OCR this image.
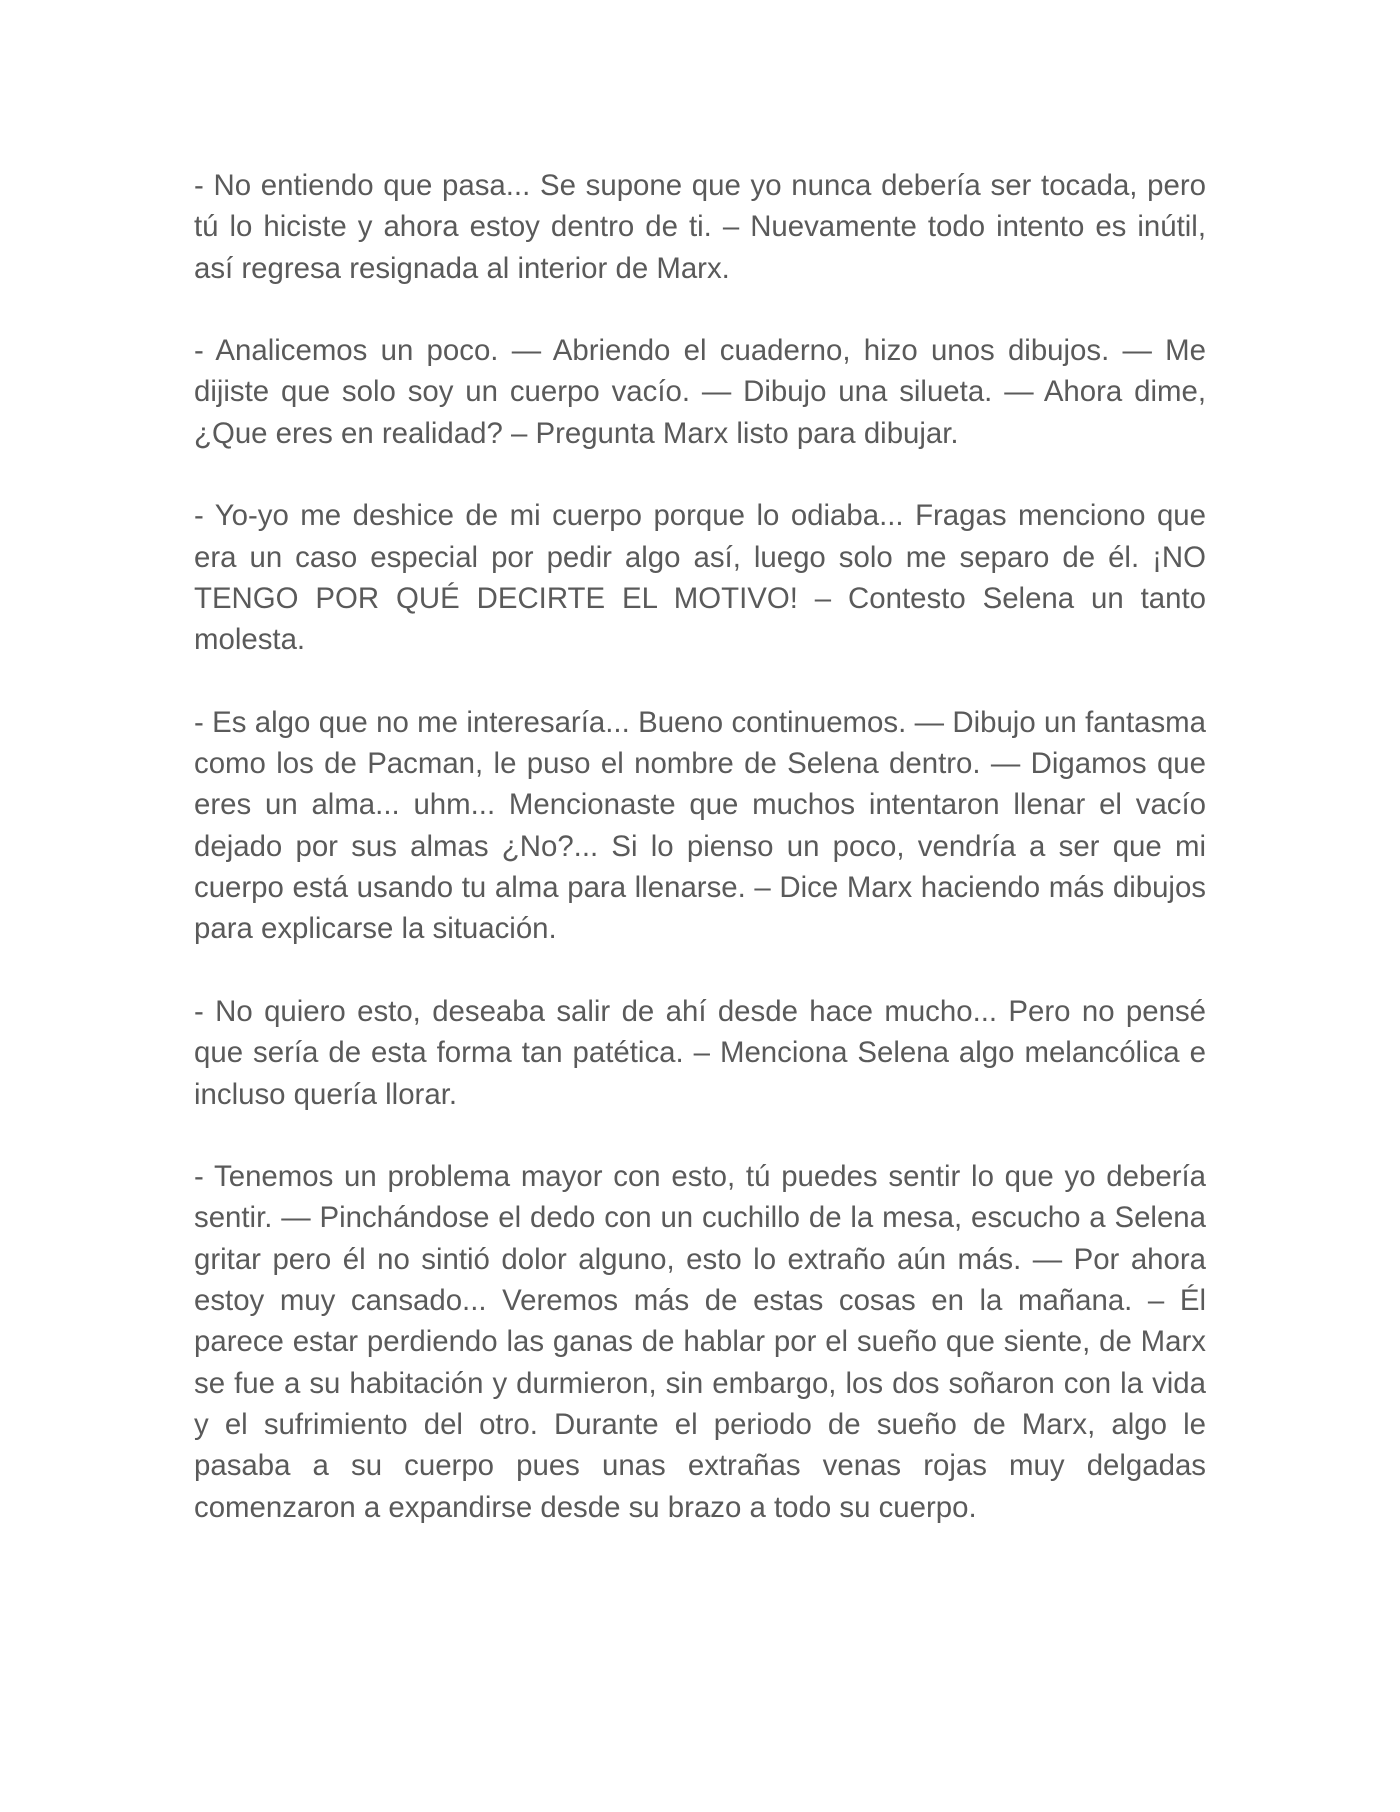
- No entiendo que pasa... Se supone que yo nunca debería ser tocada, pero tú lo hiciste y ahora estoy dentro de ti. – Nuevamente todo intento es inútil, así regresa resignada al interior de Marx.

- Analicemos un poco. — Abriendo el cuaderno, hizo unos dibujos. — Me dijiste que solo soy un cuerpo vacío. — Dibujo una silueta. — Ahora dime, ¿Que eres en realidad? – Pregunta Marx listo para dibujar.

- Yo-yo me deshice de mi cuerpo porque lo odiaba... Fragas menciono que era un caso especial por pedir algo así, luego solo me separo de él. ¡NO TENGO POR QUÉ DECIRTE EL MOTIVO! – Contesto Selena un tanto molesta.

- Es algo que no me interesaría... Bueno continuemos. — Dibujo un fantasma como los de Pacman, le puso el nombre de Selena dentro. — Digamos que eres un alma... uhm... Mencionaste que muchos intentaron llenar el vacío dejado por sus almas ¿No?... Si lo pienso un poco, vendría a ser que mi cuerpo está usando tu alma para llenarse. – Dice Marx haciendo más dibujos para explicarse la situación.

- No quiero esto, deseaba salir de ahí desde hace mucho... Pero no pensé que sería de esta forma tan patética. – Menciona Selena algo melancólica e incluso quería llorar.

- Tenemos un problema mayor con esto, tú puedes sentir lo que yo debería sentir. — Pinchándose el dedo con un cuchillo de la mesa, escucho a Selena gritar pero él no sintió dolor alguno, esto lo extraño aún más. — Por ahora estoy muy cansado... Veremos más de estas cosas en la mañana. – Él parece estar perdiendo las ganas de hablar por el sueño que siente, de Marx se fue a su habitación y durmieron, sin embargo, los dos soñaron con la vida y el sufrimiento del otro. Durante el periodo de sueño de Marx, algo le pasaba a su cuerpo pues unas extrañas venas rojas muy delgadas comenzaron a expandirse desde su brazo a todo su cuerpo.
